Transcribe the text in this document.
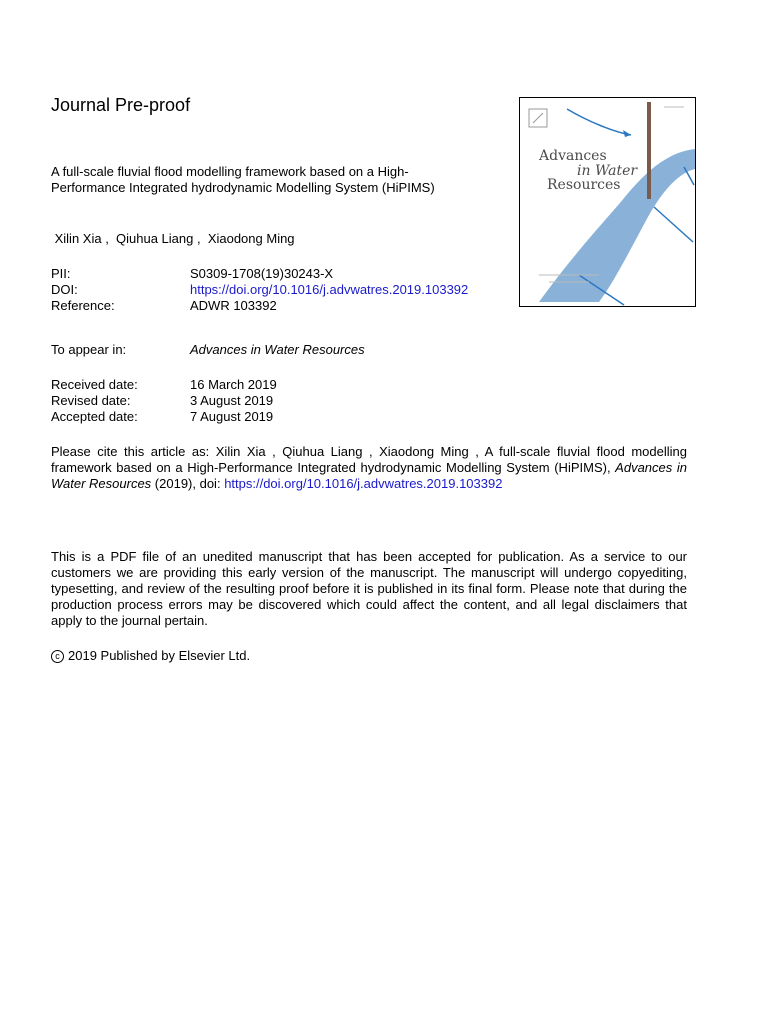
Journal Pre-proof
A full-scale fluvial flood modelling framework based on a High-Performance Integrated hydrodynamic Modelling System (HiPIMS)
Xilin Xia ,  Qiuhua Liang ,  Xiaodong Ming
PII:	S0309-1708(19)30243-X
DOI:	https://doi.org/10.1016/j.advwatres.2019.103392
Reference:	ADWR 103392
To appear in:	Advances in Water Resources
Received date:	16 March 2019
Revised date:	3 August 2019
Accepted date:	7 August 2019
Please cite this article as: Xilin Xia , Qiuhua Liang , Xiaodong Ming , A full-scale fluvial flood modelling framework based on a High-Performance Integrated hydrodynamic Modelling System (HiPIMS), Advances in Water Resources (2019), doi: https://doi.org/10.1016/j.advwatres.2019.103392
This is a PDF file of an unedited manuscript that has been accepted for publication. As a service to our customers we are providing this early version of the manuscript. The manuscript will undergo copyediting, typesetting, and review of the resulting proof before it is published in its final form. Please note that during the production process errors may be discovered which could affect the content, and all legal disclaimers that apply to the journal pertain.
c 2019 Published by Elsevier Ltd.
Advances
in Water
Resources
